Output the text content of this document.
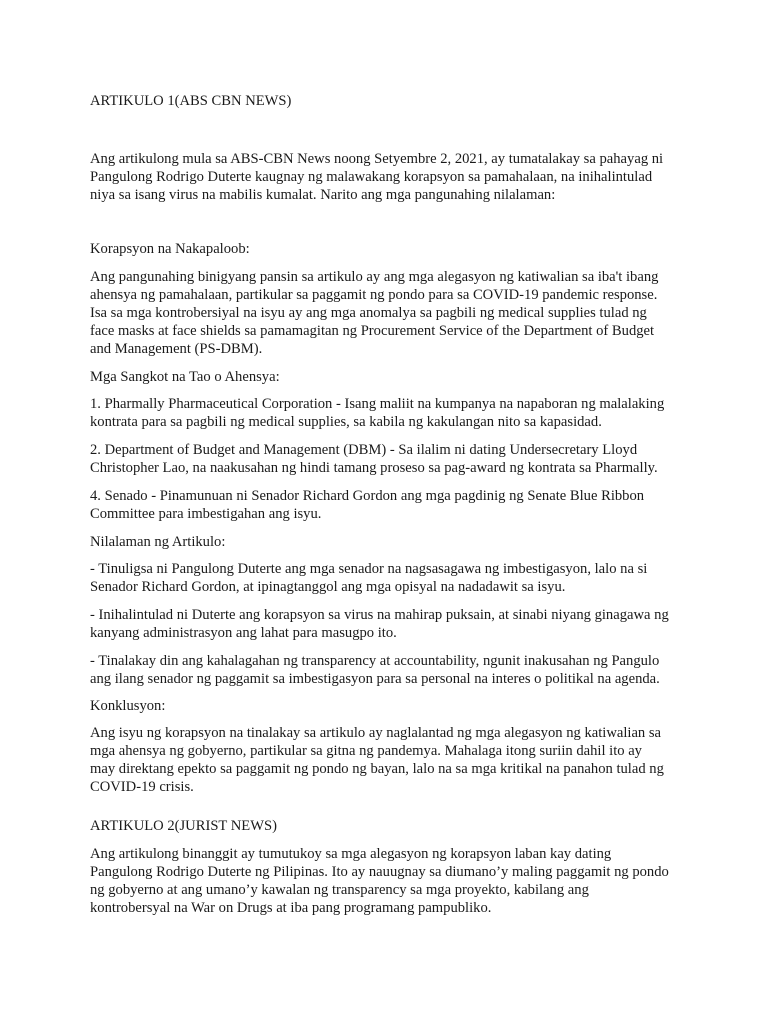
ARTIKULO 1(ABS CBN NEWS)

Ang artikulong mula sa ABS-CBN News noong Setyembre 2, 2021, ay tumatalakay sa pahayag ni Pangulong Rodrigo Duterte kaugnay ng malawakang korapsyon sa pamahalaan, na inihalintulad niya sa isang virus na mabilis kumalat. Narito ang mga pangunahing nilalaman:

Korapsyon na Nakapaloob:

Ang pangunahing binigyang pansin sa artikulo ay ang mga alegasyon ng katiwalian sa iba't ibang ahensya ng pamahalaan, partikular sa paggamit ng pondo para sa COVID-19 pandemic response. Isa sa mga kontrobersiyal na isyu ay ang mga anomalya sa pagbili ng medical supplies tulad ng face masks at face shields sa pamamagitan ng Procurement Service of the Department of Budget and Management (PS-DBM).

Mga Sangkot na Tao o Ahensya:

1. Pharmally Pharmaceutical Corporation - Isang maliit na kumpanya na napaboran ng malalaking kontrata para sa pagbili ng medical supplies, sa kabila ng kakulangan nito sa kapasidad.

2. Department of Budget and Management (DBM) - Sa ilalim ni dating Undersecretary Lloyd Christopher Lao, na naakusahan ng hindi tamang proseso sa pag-award ng kontrata sa Pharmally.

4. Senado - Pinamunuan ni Senador Richard Gordon ang mga pagdinig ng Senate Blue Ribbon Committee para imbestigahan ang isyu.

Nilalaman ng Artikulo:

- Tinuligsa ni Pangulong Duterte ang mga senador na nagsasagawa ng imbestigasyon, lalo na si Senador Richard Gordon, at ipinagtanggol ang mga opisyal na nadadawit sa isyu.

- Inihalintulad ni Duterte ang korapsyon sa virus na mahirap puksain, at sinabi niyang ginagawa ng kanyang administrasyon ang lahat para masugpo ito.

- Tinalakay din ang kahalagahan ng transparency at accountability, ngunit inakusahan ng Pangulo ang ilang senador ng paggamit sa imbestigasyon para sa personal na interes o politikal na agenda.

Konklusyon:

Ang isyu ng korapsyon na tinalakay sa artikulo ay naglalantad ng mga alegasyon ng katiwalian sa mga ahensya ng gobyerno, partikular sa gitna ng pandemya. Mahalaga itong suriin dahil ito ay may direktang epekto sa paggamit ng pondo ng bayan, lalo na sa mga kritikal na panahon tulad ng COVID-19 crisis.

ARTIKULO 2(JURIST NEWS)

Ang artikulong binanggit ay tumutukoy sa mga alegasyon ng korapsyon laban kay dating Pangulong Rodrigo Duterte ng Pilipinas. Ito ay nauugnay sa diumano’y maling paggamit ng pondo ng gobyerno at ang umano’y kawalan ng transparency sa mga proyekto, kabilang ang kontrobersyal na War on Drugs at iba pang programang pampubliko.
